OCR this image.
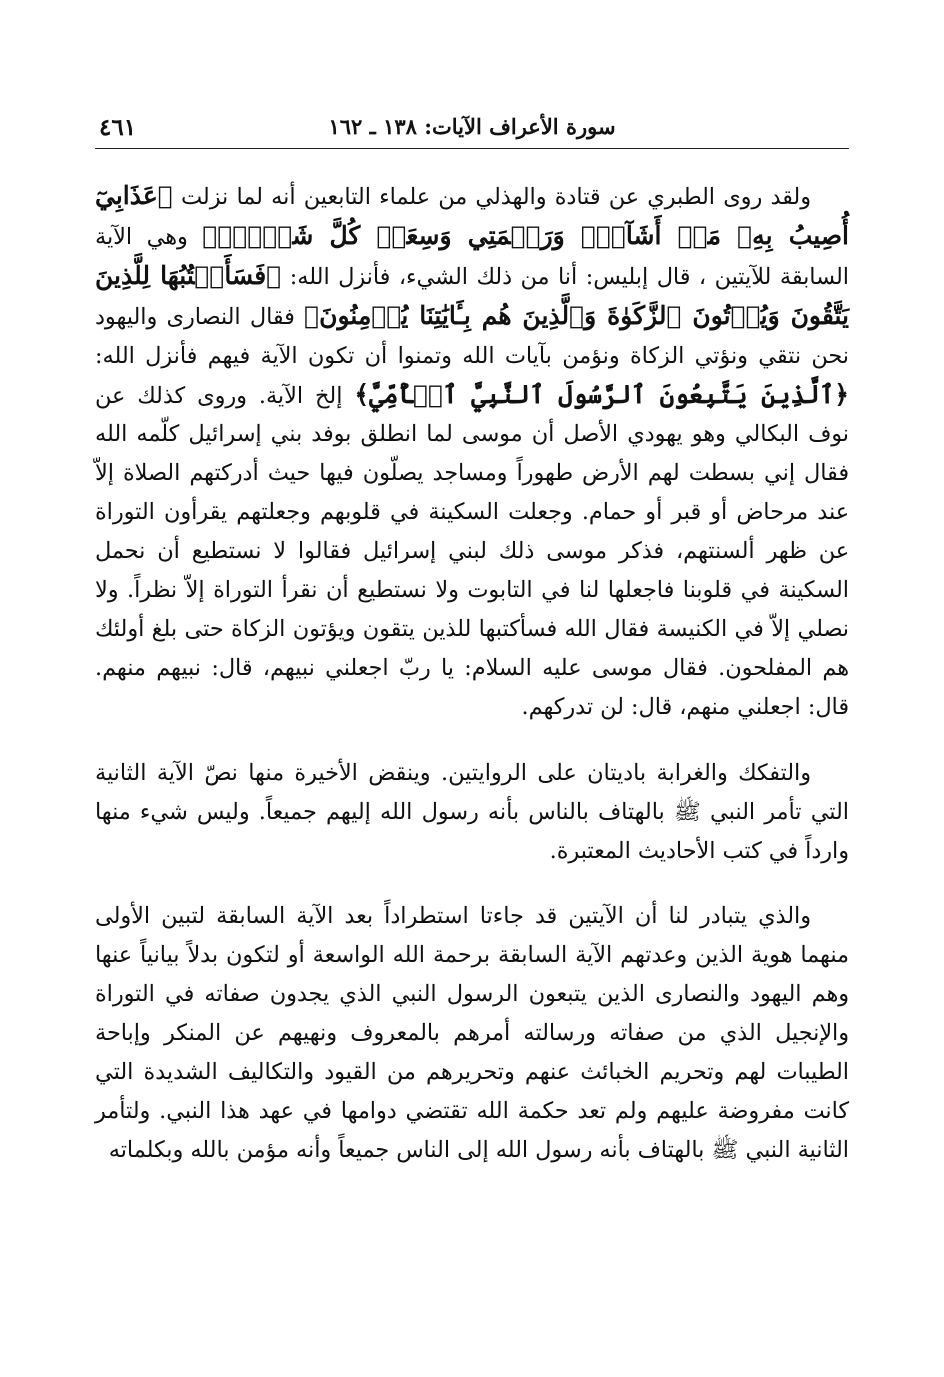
سورة الأعراف الآيات: ١٣٨ ـ ١٦٢
٤٦١

ولقد روى الطبري عن قتادة والهذلي من علماء التابعين أنه لما نزلت ﴿عَذَابِيٓ أُصِيبُ بِهِۦ مَنۡ أَشَآءُۖ وَرَحۡمَتِي وَسِعَتۡ كُلَّ شَيۡءٖۚ﴾ وهي الآية السابقة للآيتين ، قال إبليس: أنا من ذلك الشيء، فأنزل الله: ﴿فَسَأَكۡتُبُهَا لِلَّذِينَ يَتَّقُونَ وَيُؤۡتُونَ ٱلزَّكَوٰةَ وَٱلَّذِينَ هُم بِـَٔايَٰتِنَا يُؤۡمِنُونَ﴾ فقال النصارى واليهود نحن نتقي ونؤتي الزكاة ونؤمن بآيات الله وتمنوا أن تكون الآية فيهم فأنزل الله: ﴿ٱلَّذِينَ يَتَّبِعُونَ ٱلرَّسُولَ ٱلنَّبِيَّ ٱلۡأُمِّيَّ﴾ إلخ الآية. وروى كذلك عن نوف البكالي وهو يهودي الأصل أن موسى لما انطلق بوفد بني إسرائيل كلّمه الله فقال إني بسطت لهم الأرض طهوراً ومساجد يصلّون فيها حيث أدركتهم الصلاة إلاّ عند مرحاض أو قبر أو حمام. وجعلت السكينة في قلوبهم وجعلتهم يقرأون التوراة عن ظهر ألسنتهم، فذكر موسى ذلك لبني إسرائيل فقالوا لا نستطيع أن نحمل السكينة في قلوبنا فاجعلها لنا في التابوت ولا نستطيع أن نقرأ التوراة إلاّ نظراً. ولا نصلي إلاّ في الكنيسة فقال الله فسأكتبها للذين يتقون ويؤتون الزكاة حتى بلغ أولئك هم المفلحون. فقال موسى عليه السلام: يا ربّ اجعلني نبيهم، قال: نبيهم منهم. قال: اجعلني منهم، قال: لن تدركهم.

والتفكك والغرابة باديتان على الروايتين. وينقض الأخيرة منها نصّ الآية الثانية التي تأمر النبي ﷺ بالهتاف بالناس بأنه رسول الله إليهم جميعاً. وليس شيء منها وارداً في كتب الأحاديث المعتبرة.

والذي يتبادر لنا أن الآيتين قد جاءتا استطراداً بعد الآية السابقة لتبين الأولى منهما هوية الذين وعدتهم الآية السابقة برحمة الله الواسعة أو لتكون بدلاً بيانياً عنها وهم اليهود والنصارى الذين يتبعون الرسول النبي الذي يجدون صفاته في التوراة والإنجيل الذي من صفاته ورسالته أمرهم بالمعروف ونهيهم عن المنكر وإباحة الطيبات لهم وتحريم الخبائث عنهم وتحريرهم من القيود والتكاليف الشديدة التي كانت مفروضة عليهم ولم تعد حكمة الله تقتضي دوامها في عهد هذا النبي. ولتأمر الثانية النبي ﷺ بالهتاف بأنه رسول الله إلى الناس جميعاً وأنه مؤمن بالله وبكلماته
